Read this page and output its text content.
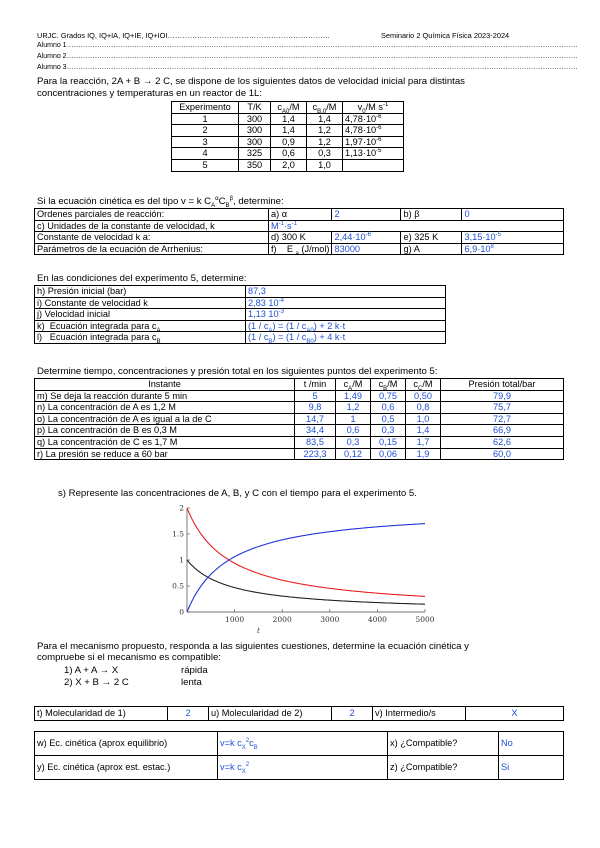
URJC. Grados IQ, IQ+IA, IQ+IE, IQ+IOI…………………………………………………………	Seminario 2 Química Física 2023-2024
Alumno 1…………………………………………………………………………………………………………………………………………………………………………………………………
Alumno 2…………………………………………………………………………………………………………………………………………………………………………………………………
Alumno 3…………………………………………………………………………………………………………………………………………………………………………………………………
Para la reacción, 2A + B → 2 C, se dispone de los siguientes datos de velocidad inicial para distintas
concentraciones y temperaturas en un reactor de 1L:
Experimento	T/K	$c_{A0}/M$	$c_{B,0}/M$	$v_0/M$ $s^{-1}$
1	300	1,4	1,4	$4,78\cdot 10^{-6}$
2	300	1,4	1,2	$4,78\cdot 10^{-6}$
3	300	0,9	1,2	$1,97\cdot 10^{-6}$
4	325	0,6	0,3	$1,13\cdot 10^{-5}$
5	350	2,0	1,0	
Si la ecuación cinética es del tipo v = k $C_A^\alpha C_B^\beta$, determine:
Ordenes parciales de reacción:	a) α	2	b) β	0
c) Unidades de la constante de velocidad, k	$M^{-1}\cdot s^{-1}$
Constante de velocidad k a:	d) 300 K	$2,44\cdot 10^{-6}$	e) 325 K	$3,15\cdot 10^{-5}$
Parámetros de la ecuación de Arrhenius:	f)    E $_a$ (J/mol)	83000	g) A	$6,9\cdot 10^8$
En las condiciones del experimento 5, determine:
h) Presión inicial (bar)	87,3
i) Constante de velocidad k	2,83 $10^{-4}$
j) Velocidad inicial	1,13 $10^{-3}$
k)  Ecuación integrada para $c_A$	$(1 / c_A) = (1 / c_{A0}) + 2$ k·t
l)   Ecuación integrada para $c_B$	$(1 / c_B) = (1 / c_{B0}) + 4$ k·t
Determine tiempo, concentraciones y presión total en los siguientes puntos del experimento 5:
Instante	t /min	$c_A/M$	$c_B/M$	$c_C/M$	Presión total/bar
m) Se deja la reacción durante 5 min	5	1,49	0,75	0,50	79,9
n) La concentración de A es 1,2 M	9,8	1,2	0,6	0,8	75,7
o) La concentración de A es igual a la de C	14,7	1	0,5	1,0	72,7
p) La concentración de B es 0,3 M	34,4	0,6	0,3	1,4	66,9
q) La concentración de C es 1,7 M	83,5	0,3	0,15	1,7	62,6
r) La presión se reduce a 60 bar	223,3	0,12	0,06	1,9	60,0
s) Represente las concentraciones de A, B, y C con el tiempo para el experimento 5.
1000	2000	3000	4000	5000
0
0.5
1
1.5
2
t
Para el mecanismo propuesto, responda a las siguientes cuestiones, determine la ecuación cinética y
compruebe si el mecanismo es compatible:
1) A + A → X	rápida
2) X + B → 2 C	lenta
t) Molecularidad de 1)	2	u) Molecularidad de 2)	2	v) Intermedio/s	X
w) Ec. cinética (aprox equilibrio)	v=k $c_X^2c_B$	x) ¿Compatible?	No
y) Ec. cinética (aprox est. estac.)	v=k $c_X^2$	z) ¿Compatible?	Si
